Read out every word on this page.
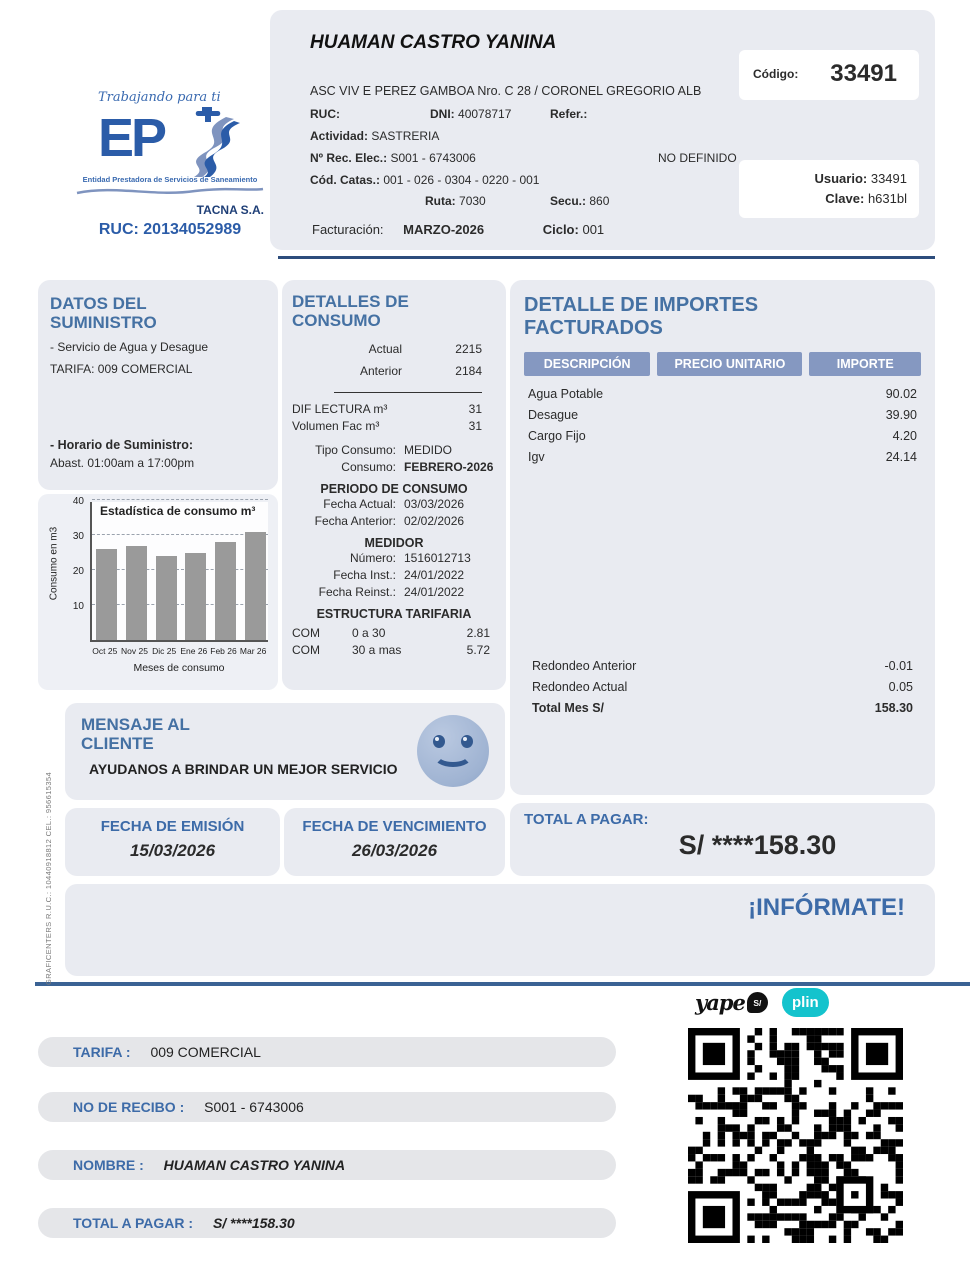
Trabajando para ti
EP
Entidad Prestadora de Servicios de Saneamiento
TACNA S.A.
RUC: 20134052989
HUAMAN CASTRO YANINA
Código: 33491
ASC VIV E PEREZ GAMBOA Nro. C 28 / CORONEL GREGORIO ALB
RUC:	DNI: 40078717	Refer.:
Actividad: SASTRERIA
Nº Rec. Elec.: S001 - 6743006	NO DEFINIDO
Cód. Catas.: 001 - 026 - 0304 - 0220 - 001
Ruta: 7030	Secu.: 860
Usuario: 33491
Clave: h631bl
Facturación: MARZO-2026	Ciclo: 001
DATOS DEL SUMINISTRO
- Servicio de Agua y Desague
TARIFA: 009 COMERCIAL
- Horario de Suministro:
Abast. 01:00am a 17:00pm
Consumo en m3
Estadística de consumo m³
Meses de consumo
10
20
30
40
Oct 25 Nov 25 Dic 25 Ene 26 Feb 26 Mar 26
DETALLES DE CONSUMO
Actual	2215
Anterior	2184
DIF LECTURA m³	31
Volumen Fac m³	31
Tipo Consumo: MEDIDO
Consumo: FEBRERO-2026
PERIODO DE CONSUMO
Fecha Actual: 03/03/2026
Fecha Anterior: 02/02/2026
MEDIDOR
Número: 1516012713
Fecha Inst.: 24/01/2022
Fecha Reinst.: 24/01/2022
ESTRUCTURA TARIFARIA
COM	0 a 30	2.81
COM	30 a mas	5.72
DETALLE DE IMPORTES FACTURADOS
DESCRIPCIÓN	PRECIO UNITARIO	IMPORTE
Agua Potable	90.02
Desague	39.90
Cargo Fijo	4.20
Igv	24.14
Redondeo Anterior	-0.01
Redondeo Actual	0.05
Total Mes S/	158.30
MENSAJE AL CLIENTE
AYUDANOS A BRINDAR UN MEJOR SERVICIO
FECHA DE EMISIÓN
15/03/2026
FECHA DE VENCIMIENTO
26/03/2026
TOTAL A PAGAR:
S/ ****158.30
¡INFÓRMATE!
yape S/	plin
TARIFA : 009 COMERCIAL
NO DE RECIBO : S001 - 6743006
NOMBRE : HUAMAN CASTRO YANINA
TOTAL A PAGAR : S/ ****158.30
GRAFICENTERS R.U.C.: 10440918812 CEL.: 956615354
